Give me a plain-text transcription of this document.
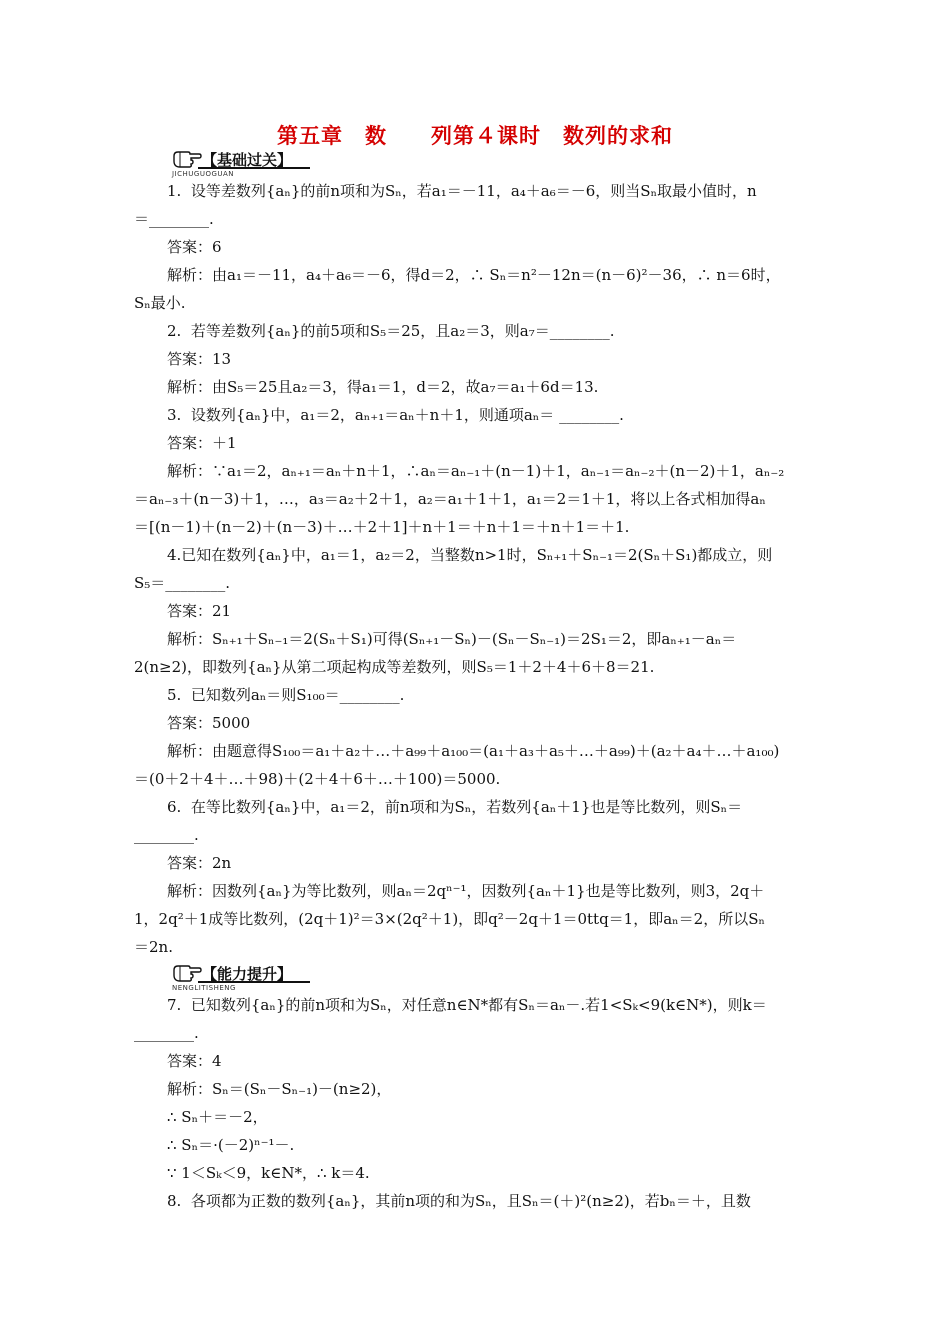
第五章　数　　列第４课时　数列的求和
【基础过关】
JICHUGUOGUAN
【能力提升】
NENGLITISHENG
1.  设等差数列{aₙ}的前n项和为Sₙ，若a₁＝－11，a₄＋a₆＝－6，则当Sₙ取最小值时，n
＝________.
答案：6
解析：由a₁＝－11，a₄＋a₆＝－6，得d＝2，∴ Sₙ＝n²－12n＝(n－6)²－36，∴ n＝6时，
Sₙ最小.
2.  若等差数列{aₙ}的前5项和S₅＝25，且a₂＝3，则a₇＝________.
答案：13
解析：由S₅＝25且a₂＝3，得a₁＝1，d＝2，故a₇＝a₁＋6d＝13.
3.  设数列{aₙ}中，a₁＝2，aₙ₊₁＝aₙ＋n＋1，则通项aₙ＝ ________.
答案：＋1
解析：∵a₁＝2，aₙ₊₁＝aₙ＋n＋1，∴aₙ＝aₙ₋₁＋(n－1)＋1，aₙ₋₁＝aₙ₋₂＋(n－2)＋1，aₙ₋₂
＝aₙ₋₃＋(n－3)＋1，…，a₃＝a₂＋2＋1，a₂＝a₁＋1＋1，a₁＝2＝1＋1，将以上各式相加得aₙ
＝[(n－1)＋(n－2)＋(n－3)＋…＋2＋1]＋n＋1＝＋n＋1＝＋n＋1＝＋1.
4.已知在数列{aₙ}中，a₁＝1，a₂＝2，当整数n>1时，Sₙ₊₁＋Sₙ₋₁＝2(Sₙ＋S₁)都成立，则
S₅＝________.
答案：21
解析：Sₙ₊₁＋Sₙ₋₁＝2(Sₙ＋S₁)可得(Sₙ₊₁－Sₙ)－(Sₙ－Sₙ₋₁)＝2S₁＝2，即aₙ₊₁－aₙ＝
2(n≥2)，即数列{aₙ}从第二项起构成等差数列，则S₅＝1＋2＋4＋6＋8＝21.
5.  已知数列aₙ＝则S₁₀₀＝________.
答案：5000
解析：由题意得S₁₀₀＝a₁＋a₂＋…＋a₉₉＋a₁₀₀＝(a₁＋a₃＋a₅＋…＋a₉₉)＋(a₂＋a₄＋…＋a₁₀₀)
＝(0＋2＋4＋…＋98)＋(2＋4＋6＋…＋100)＝5000.
6.  在等比数列{aₙ}中，a₁＝2，前n项和为Sₙ，若数列{aₙ＋1}也是等比数列，则Sₙ＝
________.
答案：2n
解析：因数列{aₙ}为等比数列，则aₙ＝2qⁿ⁻¹，因数列{aₙ＋1}也是等比数列，则3，2q＋
1，2q²＋1成等比数列，(2q＋1)²＝3×(2q²＋1)，即q²－2q＋1＝0ttq＝1，即aₙ＝2，所以Sₙ
＝2n.
7.  已知数列{aₙ}的前n项和为Sₙ，对任意n∈N*都有Sₙ＝aₙ－.若1<Sₖ<9(k∈N*)，则k＝
________.
答案：4
解析：Sₙ＝(Sₙ－Sₙ₋₁)－(n≥2)，
∴ Sₙ＋＝－2，
∴ Sₙ＝·(－2)ⁿ⁻¹－.
∵ 1＜Sₖ＜9，k∈N*，∴ k＝4.
8.  各项都为正数的数列{aₙ}，其前n项的和为Sₙ，且Sₙ＝(＋)²(n≥2)，若bₙ＝＋，且数
